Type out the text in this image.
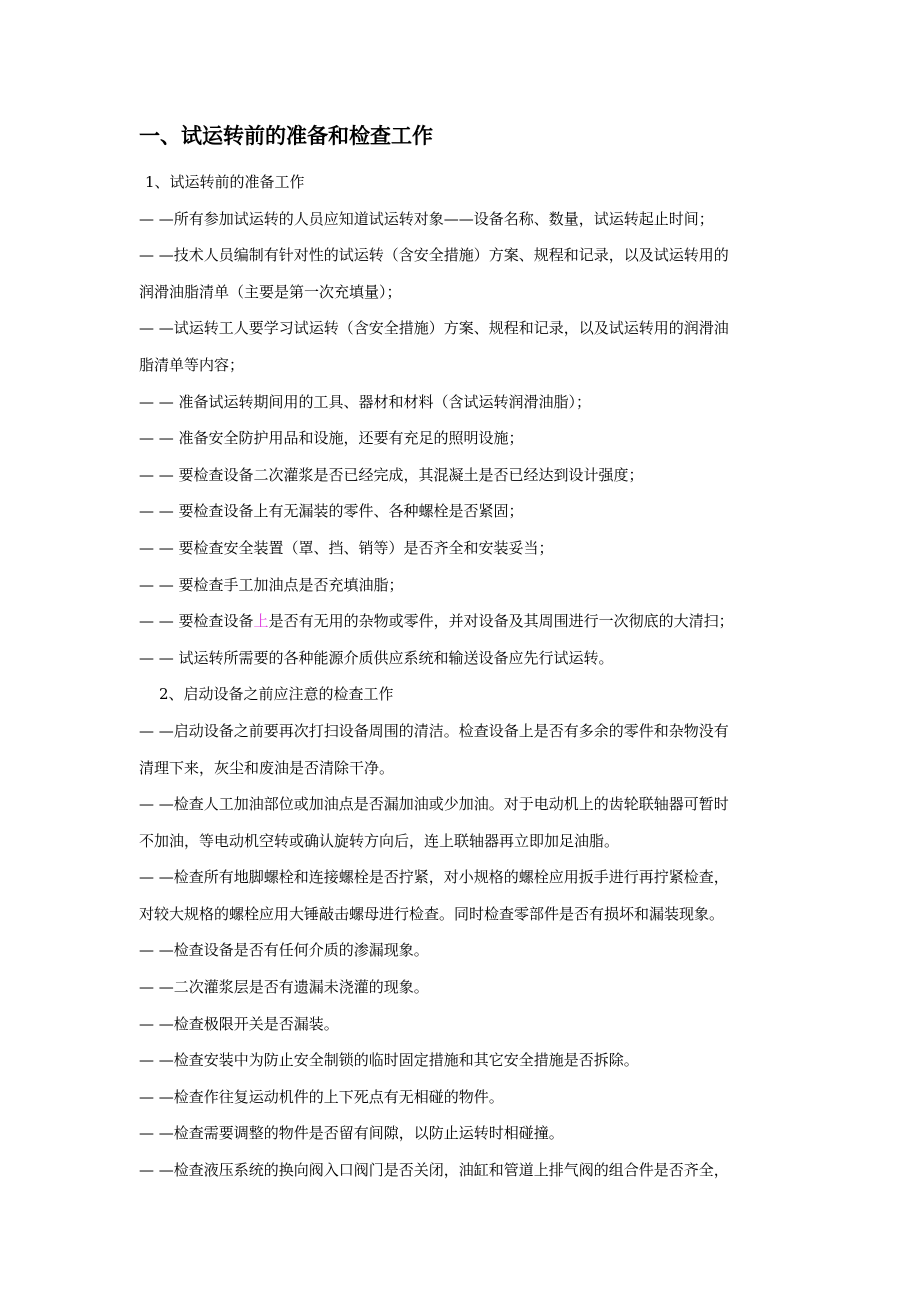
一、试运转前的准备和检查工作
1、试运转前的准备工作
— —所有参加试运转的人员应知道试运转对象——设备名称、数量，试运转起止时间；
— —技术人员编制有针对性的试运转（含安全措施）方案、规程和记录，以及试运转用的
润滑油脂清单（主要是第一次充填量）；
— —试运转工人要学习试运转（含安全措施）方案、规程和记录，以及试运转用的润滑油
脂清单等内容；
— — 准备试运转期间用的工具、器材和材料（含试运转润滑油脂）；
— — 准备安全防护用品和设施，还要有充足的照明设施；
— — 要检查设备二次灌浆是否已经完成，其混凝土是否已经达到设计强度；
— — 要检查设备上有无漏装的零件、各种螺栓是否紧固；
— — 要检查安全装置（罩、挡、销等）是否齐全和安装妥当；
— — 要检查手工加油点是否充填油脂；
— — 要检查设备上是否有无用的杂物或零件，并对设备及其周围进行一次彻底的大清扫；
— — 试运转所需要的各种能源介质供应系统和输送设备应先行试运转。
2、启动设备之前应注意的检查工作
— —启动设备之前要再次打扫设备周围的清洁。检查设备上是否有多余的零件和杂物没有
清理下来，灰尘和废油是否清除干净。
— —检查人工加油部位或加油点是否漏加油或少加油。对于电动机上的齿轮联轴器可暂时
不加油，等电动机空转或确认旋转方向后，连上联轴器再立即加足油脂。
— —检查所有地脚螺栓和连接螺栓是否拧紧，对小规格的螺栓应用扳手进行再拧紧检查，
对较大规格的螺栓应用大锤敲击螺母进行检查。同时检查零部件是否有损坏和漏装现象。
— —检查设备是否有任何介质的渗漏现象。
— —二次灌浆层是否有遗漏未浇灌的现象。
— —检查极限开关是否漏装。
— —检查安装中为防止安全制锁的临时固定措施和其它安全措施是否拆除。
— —检查作往复运动机件的上下死点有无相碰的物件。
— —检查需要调整的物件是否留有间隙，以防止运转时相碰撞。
— —检查液压系统的换向阀入口阀门是否关闭，油缸和管道上排气阀的组合件是否齐全，
